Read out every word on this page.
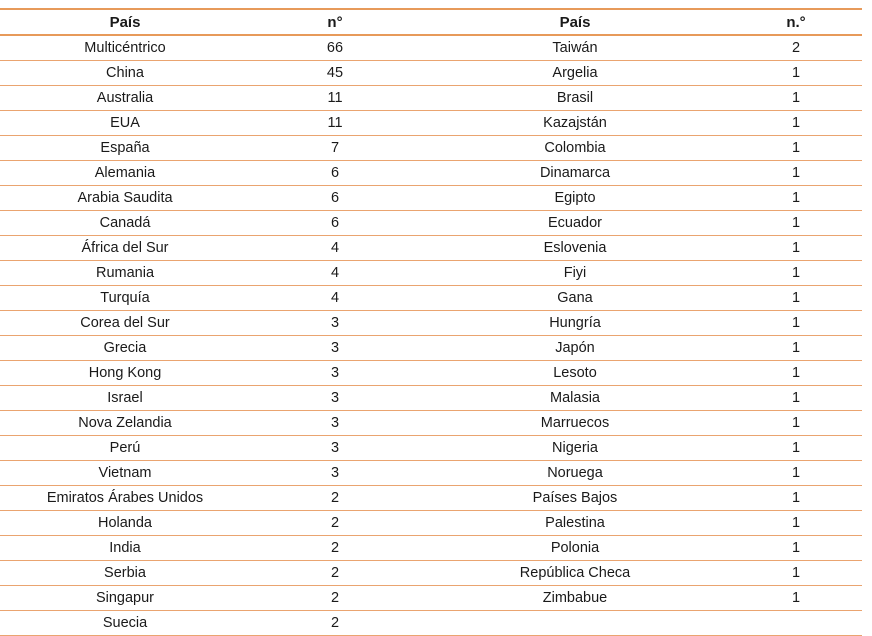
País	n°	País	n.°
Multicéntrico	66	Taiwán	2
China	45	Argelia	1
Australia	11	Brasil	1
EUA	11	Kazajstán	1
España	7	Colombia	1
Alemania	6	Dinamarca	1
Arabia Saudita	6	Egipto	1
Canadá	6	Ecuador	1
África del Sur	4	Eslovenia	1
Rumania	4	Fiyi	1
Turquía	4	Gana	1
Corea del Sur	3	Hungría	1
Grecia	3	Japón	1
Hong Kong	3	Lesoto	1
Israel	3	Malasia	1
Nova Zelandia	3	Marruecos	1
Perú	3	Nigeria	1
Vietnam	3	Noruega	1
Emiratos Árabes Unidos	2	Países Bajos	1
Holanda	2	Palestina	1
India	2	Polonia	1
Serbia	2	República Checa	1
Singapur	2	Zimbabue	1
Suecia	2		
